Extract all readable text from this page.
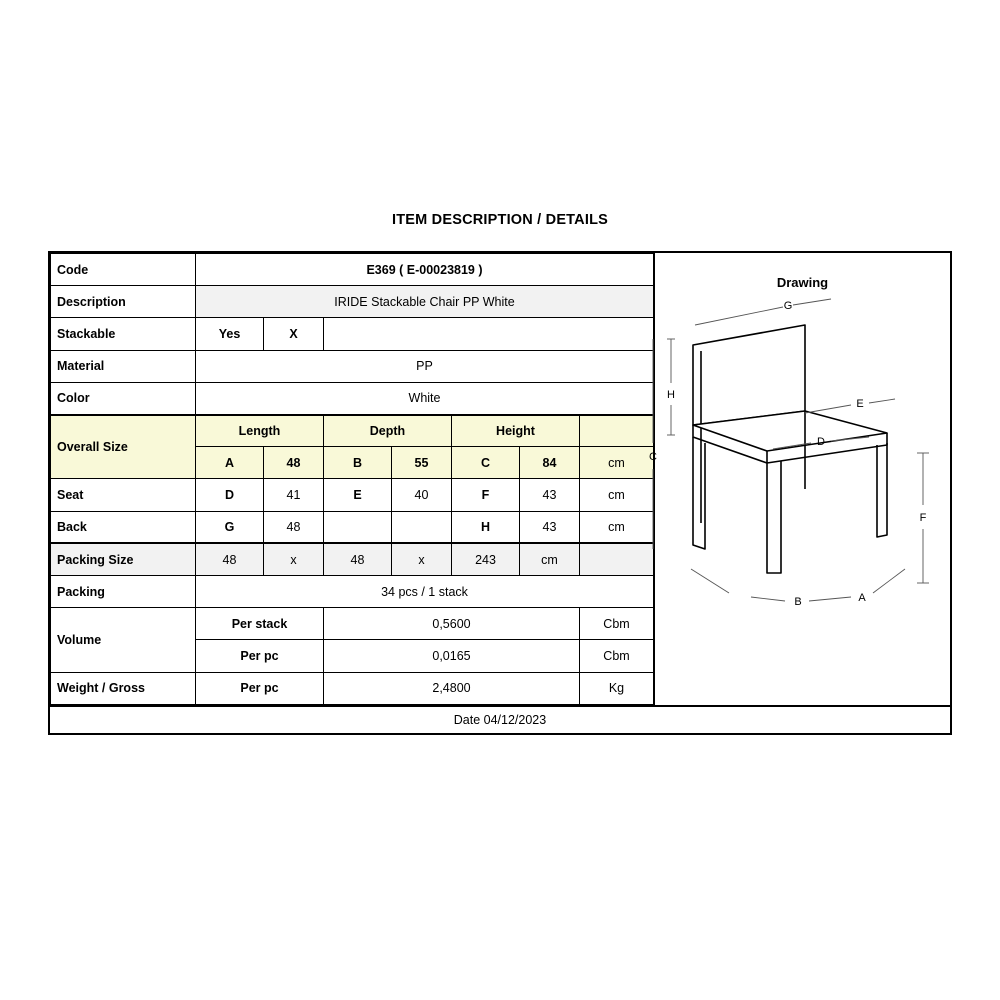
ITEM DESCRIPTION / DETAILS
Code	E369 ( E-00023819 )						
Description	IRIDE Stackable Chair PP White						
Stackable	Yes	X					
Material	PP						
Color	White						
Overall Size	Length		Depth		Height		
	A	48	B	55	C	84	cm
Seat	D	41	E	40	F	43	cm
Back	G	48			H	43	cm
Packing Size	48	x	48	x	243	cm	
Packing	34 pcs / 1 stack						
Volume	Per stack		0,5600				Cbm
	Per pc		0,0165				Cbm
Weight / Gross	Per pc		2,4800				Kg
Drawing
G
H
C
E
D
F
B	A
Date 04/12/2023
